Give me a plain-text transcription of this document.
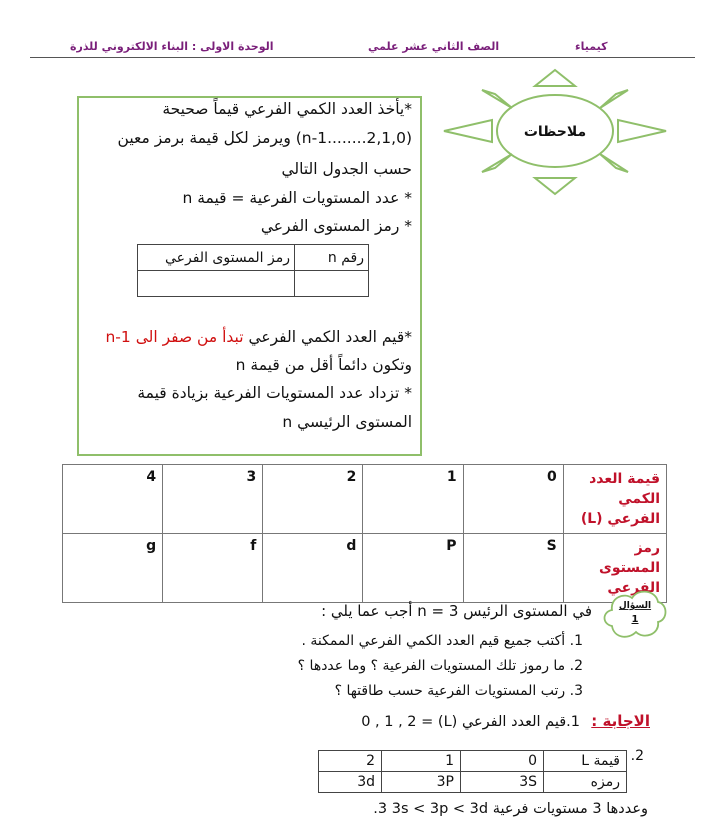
كيمياء
الصف الثاني عشر علمي
الوحدة الاولى : البناء الالكتروني للذرة
ملاحظات
*يأخذ العدد الكمي الفرعي قيماً صحيحة
(n-1........2,1,0) ويرمز لكل قيمة برمز معين
حسب الجدول التالي
* عدد المستويات الفرعية = قيمة n
* رمز المستوى الفرعي
رمز المستوى الفرعي	رقم n

*قيم العدد الكمي الفرعي تبدأ من صفر الى 1-n
وتكون دائماً أقل من قيمة n
* تزداد عدد المستويات الفرعية بزيادة قيمة
المستوى الرئيسي n
4	3	2	1	0	قيمة العدد الكمي الفرعي (L)
g	f	d	P	S	رمز المستوى الفرعي
السؤال
1
في المستوى الرئيس 3 = n أجب عما يلي :
1. أكتب جميع قيم العدد الكمي الفرعي الممكنة .
2. ما رموز تلك المستويات الفرعية ؟ وما عددها ؟
3. رتب المستويات الفرعية حسب طاقتها ؟
الاجابة :
1.قيم العدد الفرعي (L) = 0 , 1 , 2
.2
2	1	0	قيمة L
3d	3P	3S	رمزه
.3 3s < 3p < 3d وعددها 3 مستويات فرعية
